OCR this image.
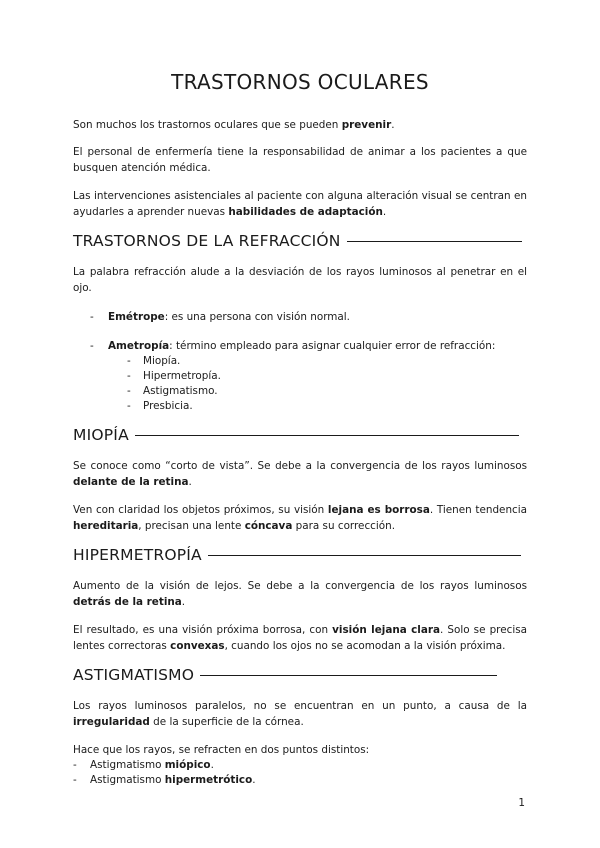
TRASTORNOS OCULARES

Son muchos los trastornos oculares que se pueden prevenir.

El personal de enfermería tiene la responsabilidad de animar a los pacientes a que busquen atención médica.

Las intervenciones asistenciales al paciente con alguna alteración visual se centran en ayudarles a aprender nuevas habilidades de adaptación.

TRASTORNOS DE LA REFRACCIÓN

La palabra refracción alude a la desviación de los rayos luminosos al penetrar en el ojo.

- Emétrope: es una persona con visión normal.
- Ametropía: término empleado para asignar cualquier error de refracción:
- Miopía.
- Hipermetropía.
- Astigmatismo.
- Presbicia.
MIOPÍA

Se conoce como “corto de vista”. Se debe a la convergencia de los rayos luminosos delante de la retina.

Ven con claridad los objetos próximos, su visión lejana es borrosa. Tienen tendencia hereditaria, precisan una lente cóncava para su corrección.

HIPERMETROPÍA

Aumento de la visión de lejos. Se debe a la convergencia de los rayos luminosos detrás de la retina.

El resultado, es una visión próxima borrosa, con visión lejana clara. Solo se precisa lentes correctoras convexas, cuando los ojos no se acomodan a la visión próxima.

ASTIGMATISMO

Los rayos luminosos paralelos, no se encuentran en un punto, a causa de la irregularidad de la superficie de la córnea.

Hace que los rayos, se refracten en dos puntos distintos:

- Astigmatismo miópico.
- Astigmatismo hipermetrótico.
1
